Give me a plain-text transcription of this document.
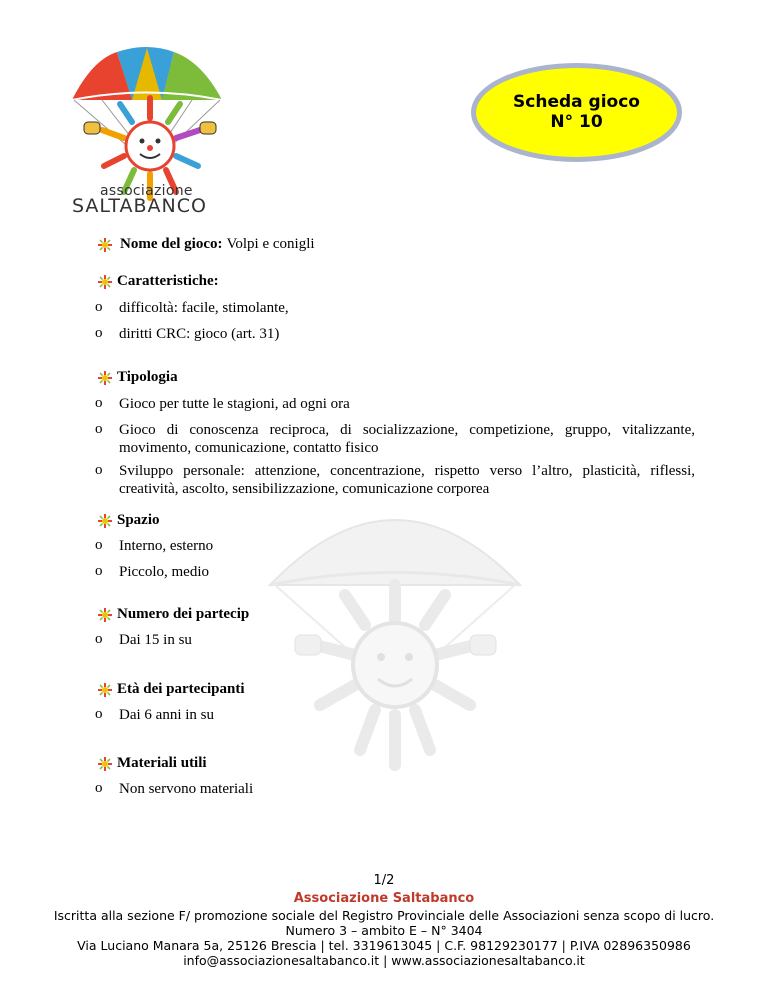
associazione
SALTABANCO
Scheda gioco
N° 10
Nome del gioco: Volpi e conigli
Caratteristiche:
o	difficoltà: facile, stimolante,
o	diritti CRC: gioco (art. 31)
Tipologia
o	Gioco per tutte le stagioni, ad ogni ora
o	Gioco di conoscenza reciproca, di socializzazione, competizione, gruppo, vitalizzante, movimento, comunicazione, contatto fisico
o	Sviluppo personale: attenzione, concentrazione, rispetto verso l’altro, plasticità, riflessi, creatività, ascolto, sensibilizzazione, comunicazione corporea
Spazio
o	Interno, esterno
o	Piccolo, medio
Numero dei partecip
o	Dai 15 in su
Età dei partecipanti
o	Dai 6 anni in su
Materiali utili
o	Non servono materiali
1/2
Associazione Saltabanco
Iscritta alla sezione F/ promozione sociale del Registro Provinciale delle Associazioni senza scopo di lucro.
Numero 3 – ambito E – N° 3404
Via Luciano Manara 5a, 25126 Brescia | tel. 3319613045 | C.F. 98129230177 | P.IVA 02896350986
info@associazionesaltabanco.it | www.associazionesaltabanco.it
